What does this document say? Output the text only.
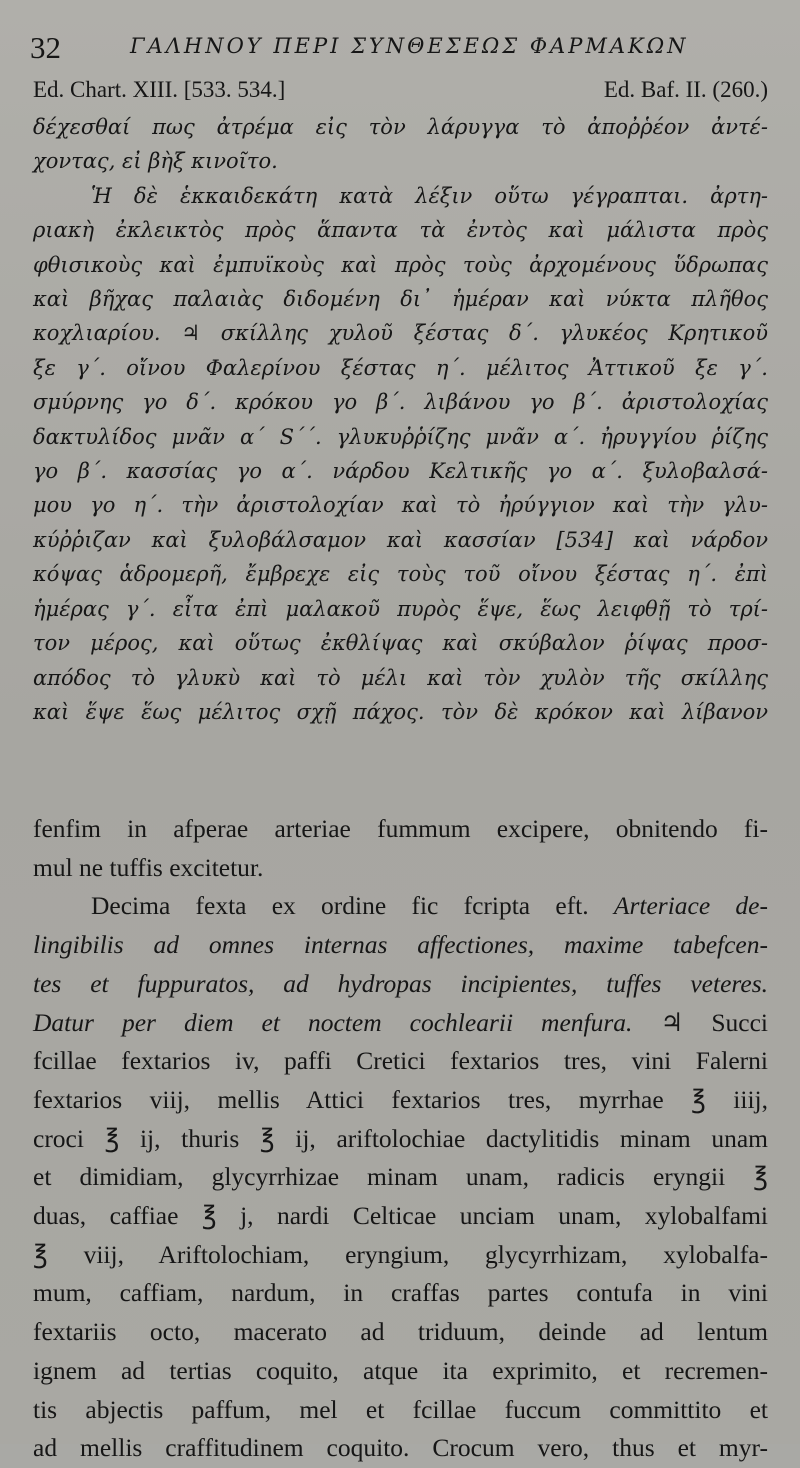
32	ΓΑΛΗΝΟΥ ΠΕΡΙ ΣΥΝΘΕΣΕΩΣ ΦΑΡΜΑΚΩΝ
Ed. Chart. XIII. [533. 534.]	Ed. Baf. II. (260.)
δέχεσθαί πως ἀτρέμα εἰς τὸν λάρυγγα τὸ ἀποῤῥέον ἀντέ-
χοντας, εἰ βὴξ κινοῖτο.
Ἡ δὲ ἑκκαιδεκάτη κατὰ λέξιν οὕτω γέγραπται. ἀρτη-
ριακὴ ἐκλεικτὸς πρὸς ἅπαντα τὰ ἐντὸς καὶ μάλιστα πρὸς
φθισικοὺς καὶ ἐμπυϊκοὺς καὶ πρὸς τοὺς ἀρχομένους ὕδρωπας
καὶ βῆχας παλαιὰς διδομένη δι᾽ ἡμέραν καὶ νύκτα πλῆθος
κοχλιαρίου. ♃ σκίλλης χυλοῦ ξέστας δ΄. γλυκέος Κρητικοῦ
ξε γ΄. οἴνου Φαλερίνου ξέστας η΄. μέλιτος Ἀττικοῦ ξε γ΄.
σμύρνης γο δ΄. κρόκου γο β΄. λιβάνου γο β΄. ἀριστολοχίας
δακτυλίδος μνᾶν α΄ S΄΄. γλυκυῤῥίζης μνᾶν α΄. ἠρυγγίου ῥίζης
γο β΄. κασσίας γο α΄. νάρδου Κελτικῆς γο α΄. ξυλοβαλσά-
μου γο η΄. τὴν ἀριστολοχίαν καὶ τὸ ἠρύγγιον καὶ τὴν γλυ-
κύῤῥιζαν καὶ ξυλοβάλσαμον καὶ κασσίαν [534] καὶ νάρδον
κόψας ἁδρομερῆ, ἔμβρεχε εἰς τοὺς τοῦ οἴνου ξέστας η΄. ἐπὶ
ἡμέρας γ΄. εἶτα ἐπὶ μαλακοῦ πυρὸς ἕψε, ἕως λειφθῇ τὸ τρί-
τον μέρος, καὶ οὕτως ἐκθλίψας καὶ σκύβαλον ῥίψας προσ-
απόδος τὸ γλυκὺ καὶ τὸ μέλι καὶ τὸν χυλὸν τῆς σκίλλης
καὶ ἕψε ἕως μέλιτος σχῇ πάχος. τὸν δὲ κρόκον καὶ λίβανον
fenfim in afperae arteriae fummum excipere, obnitendo fi-
mul ne tuffis excitetur.
Decima fexta ex ordine fic fcripta eft. Arteriace de-
lingibilis ad omnes internas affectiones, maxime tabefcen-
tes et fuppuratos, ad hydropas incipientes, tuffes veteres.
Datur per diem et noctem cochlearii menfura. ♃ Succi
fcillae fextarios iv, paffi Cretici fextarios tres, vini Falerni
fextarios viij, mellis Attici fextarios tres, myrrhae ℥ iiij,
croci ℥ ij, thuris ℥ ij, ariftolochiae dactylitidis minam unam
et dimidiam, glycyrrhizae minam unam, radicis eryngii ℥
duas, caffiae ℥ j, nardi Celticae unciam unam, xylobalfami
℥ viij, Ariftolochiam, eryngium, glycyrrhizam, xylobalfa-
mum, caffiam, nardum, in craffas partes contufa in vini
fextariis octo, macerato ad triduum, deinde ad lentum
ignem ad tertias coquito, atque ita exprimito, et recremen-
tis abjectis paffum, mel et fcillae fuccum committito et
ad mellis craffitudinem coquito. Crocum vero, thus et myr-
